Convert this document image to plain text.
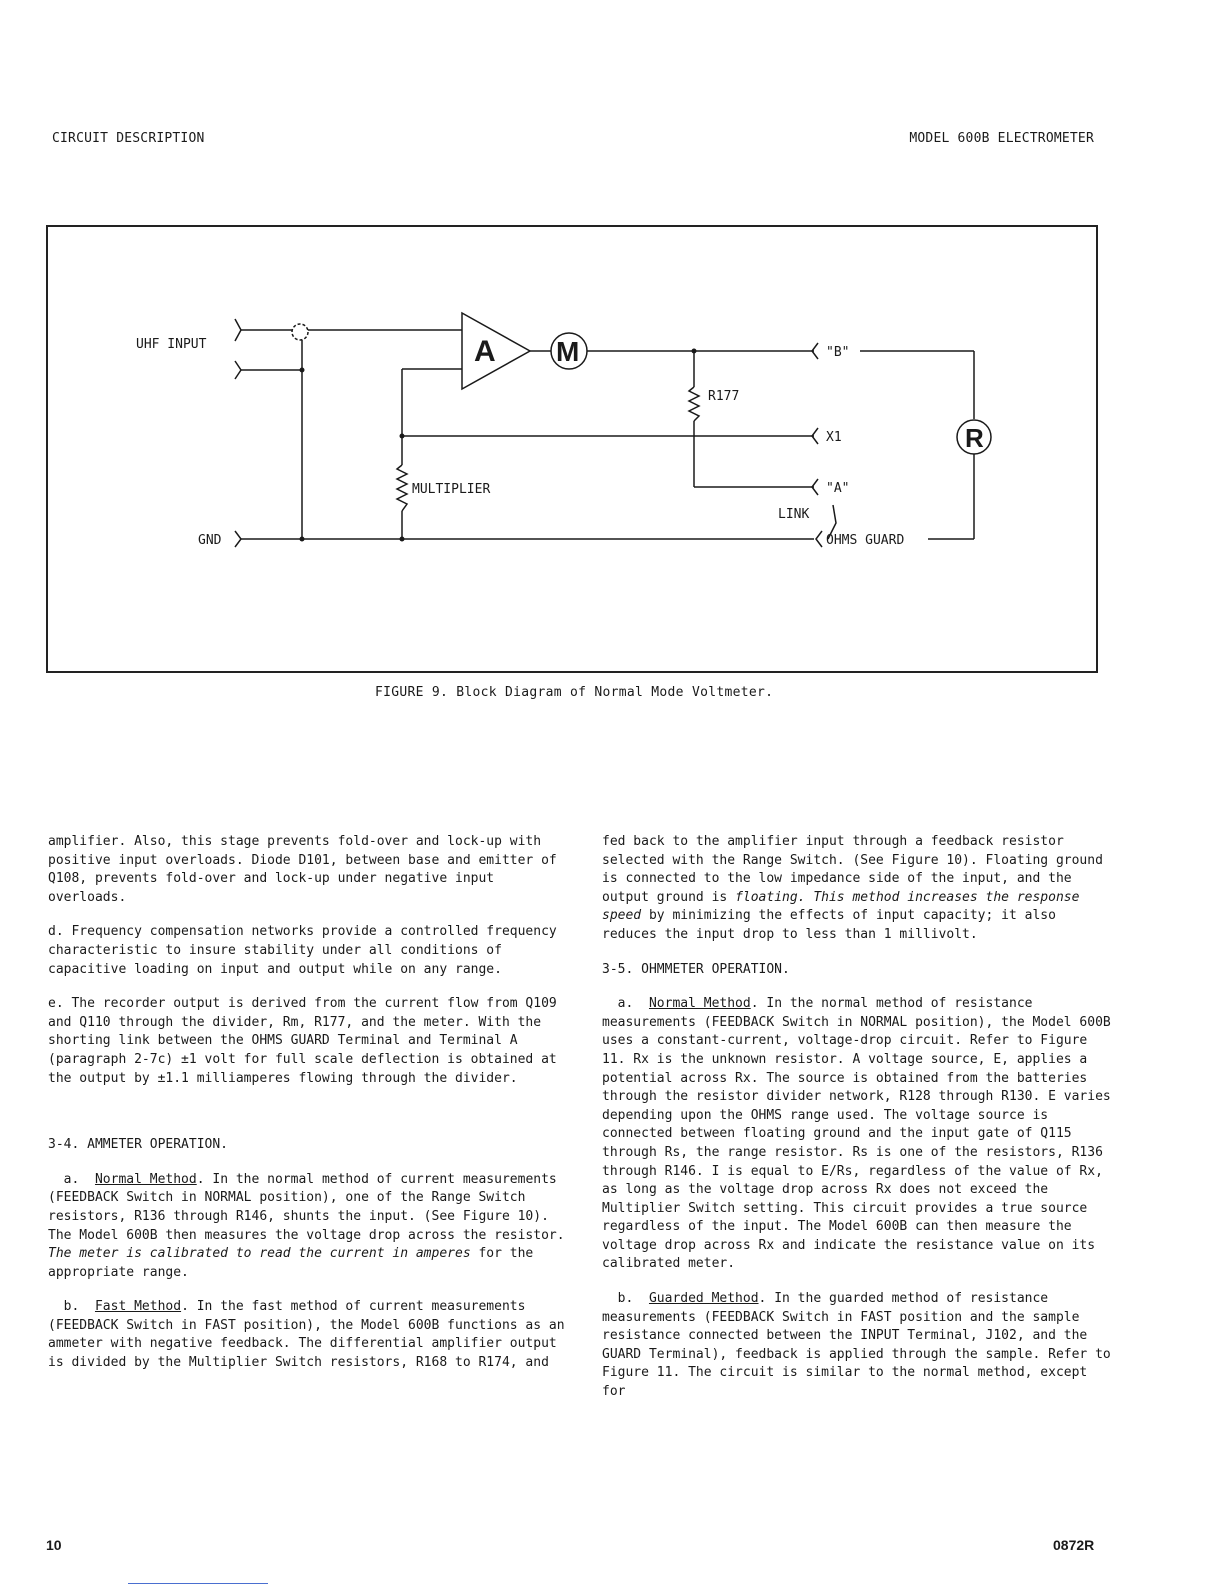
CIRCUIT DESCRIPTION	MODEL 600B ELECTROMETER
UHF INPUT
GND
A M
R177
MULTIPLIER
"B"
X1
"A"
LINK
OHMS GUARD
R
FIGURE 9. Block Diagram of Normal Mode Voltmeter.

amplifier. Also, this stage prevents fold-over and lock-up with positive input overloads. Diode D101, between base and emitter of Q108, prevents fold-over and lock-up under negative input overloads.

d. Frequency compensation networks provide a controlled frequency characteristic to insure stability under all conditions of capacitive loading on input and output while on any range.

e. The recorder output is derived from the current flow from Q109 and Q110 through the divider, Rm, R177, and the meter. With the shorting link between the OHMS GUARD Terminal and Terminal A (paragraph 2-7c) ±1 volt for full scale deflection is obtained at the output by ±1.1 milliamperes flowing through the divider.

3-4. AMMETER OPERATION.

a. Normal Method. In the normal method of current measurements (FEEDBACK Switch in NORMAL position), one of the Range Switch resistors, R136 through R146, shunts the input. (See Figure 10). The Model 600B then measures the voltage drop across the resistor. The meter is calibrated to read the current in amperes for the appropriate range.

b. Fast Method. In the fast method of current measurements (FEEDBACK Switch in FAST position), the Model 600B functions as an ammeter with negative feedback. The differential amplifier output is divided by the Multiplier Switch resistors, R168 to R174, and

fed back to the amplifier input through a feedback resistor selected with the Range Switch. (See Figure 10). Floating ground is connected to the low impedance side of the input, and the output ground is floating. This method increases the response speed by minimizing the effects of input capacity; it also reduces the input drop to less than 1 millivolt.

3-5. OHMMETER OPERATION.

a. Normal Method. In the normal method of resistance measurements (FEEDBACK Switch in NORMAL position), the Model 600B uses a constant-current, voltage-drop circuit. Refer to Figure 11. Rx is the unknown resistor. A voltage source, E, applies a potential across Rx. The source is obtained from the batteries through the resistor divider network, R128 through R130. E varies depending upon the OHMS range used. The voltage source is connected between floating ground and the input gate of Q115 through Rs, the range resistor. Rs is one of the resistors, R136 through R146. I is equal to E/Rs, regardless of the value of Rx, as long as the voltage drop across Rx does not exceed the Multiplier Switch setting. This circuit provides a true source regardless of the input. The Model 600B can then measure the voltage drop across Rx and indicate the resistance value on its calibrated meter.

b. Guarded Method. In the guarded method of resistance measurements (FEEDBACK Switch in FAST position and the sample resistance connected between the INPUT Terminal, J102, and the GUARD Terminal), feedback is applied through the sample. Refer to Figure 11. The circuit is similar to the normal method, except for

10	0872R
